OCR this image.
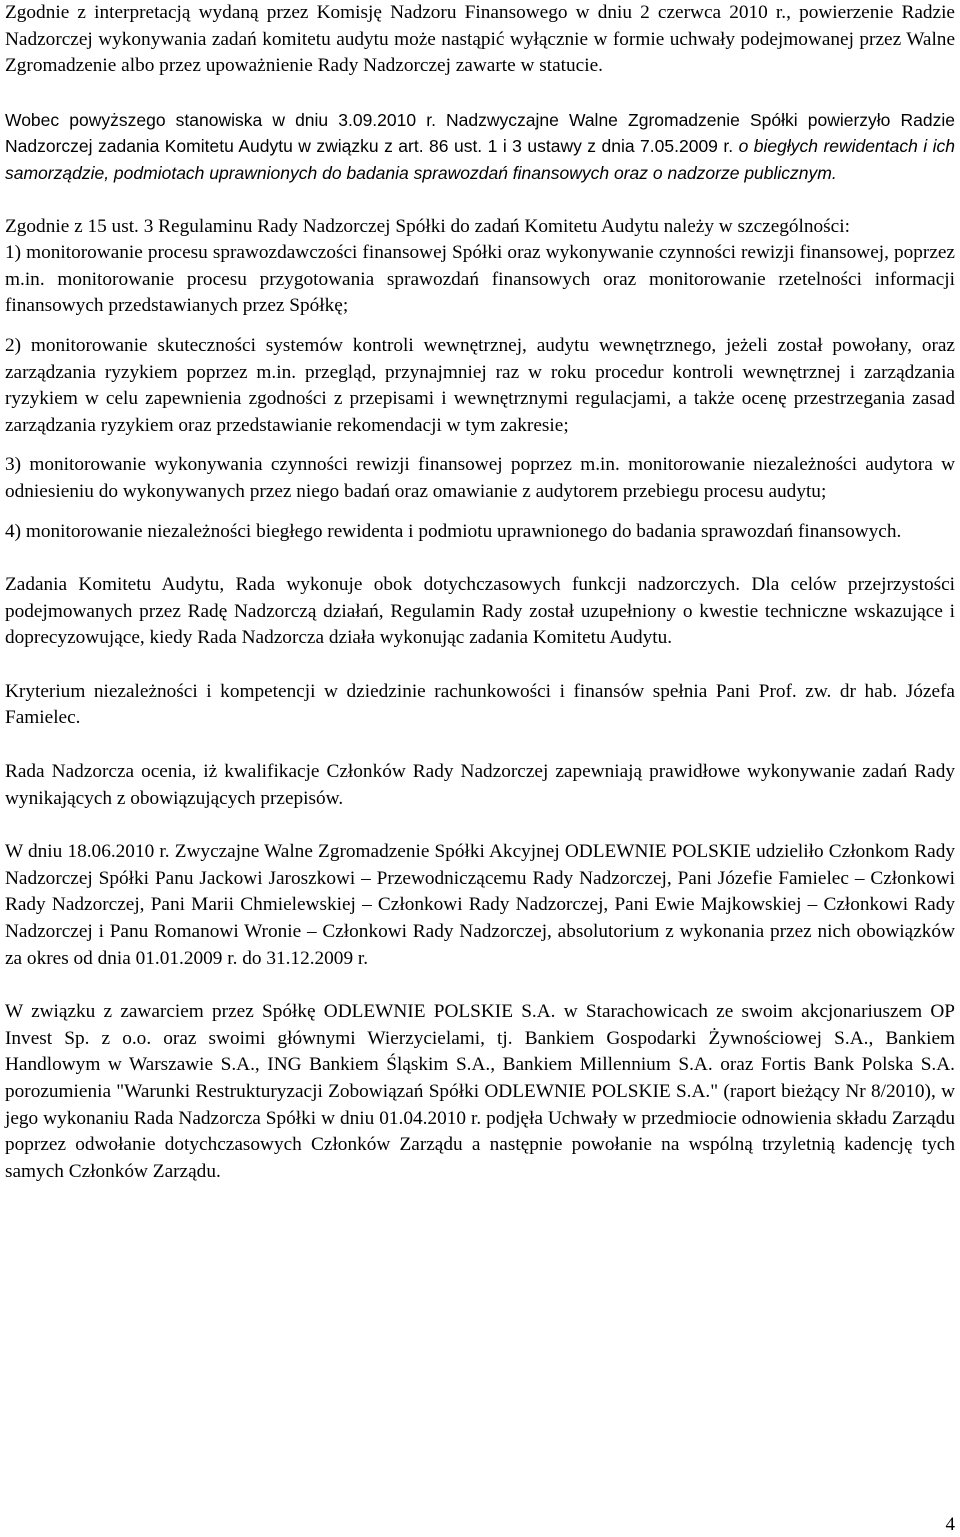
Zgodnie z interpretacją wydaną przez Komisję Nadzoru Finansowego w dniu 2 czerwca 2010 r., powierzenie Radzie Nadzorczej wykonywania zadań komitetu audytu może nastąpić wyłącznie w formie uchwały podejmowanej przez Walne Zgromadzenie albo przez upoważnienie Rady Nadzorczej zawarte w statucie.

Wobec powyższego stanowiska w dniu 3.09.2010 r. Nadzwyczajne Walne Zgromadzenie Spółki powierzyło Radzie Nadzorczej zadania Komitetu Audytu w związku z art. 86 ust. 1 i 3 ustawy z dnia 7.05.2009 r. o biegłych rewidentach i ich samorządzie, podmiotach uprawnionych do badania sprawozdań finansowych oraz o nadzorze publicznym.

Zgodnie z 15 ust. 3 Regulaminu Rady Nadzorczej Spółki do zadań Komitetu Audytu należy w szczególności:

1) monitorowanie procesu sprawozdawczości finansowej Spółki oraz wykonywanie czynności rewizji finansowej, poprzez m.in. monitorowanie procesu przygotowania sprawozdań finansowych oraz monitorowanie rzetelności informacji finansowych przedstawianych przez Spółkę;

2) monitorowanie skuteczności systemów kontroli wewnętrznej, audytu wewnętrznego, jeżeli został powołany, oraz zarządzania ryzykiem poprzez m.in. przegląd, przynajmniej raz w roku procedur kontroli wewnętrznej i zarządzania ryzykiem w celu zapewnienia zgodności z przepisami i wewnętrznymi regulacjami, a także ocenę przestrzegania zasad zarządzania ryzykiem oraz przedstawianie rekomendacji w tym zakresie;

3) monitorowanie wykonywania czynności rewizji finansowej poprzez m.in. monitorowanie niezależności audytora w odniesieniu do wykonywanych przez niego badań oraz omawianie z audytorem przebiegu procesu audytu;

4) monitorowanie niezależności biegłego rewidenta i podmiotu uprawnionego do badania sprawozdań finansowych.

Zadania Komitetu Audytu, Rada wykonuje obok dotychczasowych funkcji nadzorczych. Dla celów przejrzystości podejmowanych przez Radę Nadzorczą działań, Regulamin Rady został uzupełniony o kwestie techniczne wskazujące i doprecyzowujące, kiedy Rada Nadzorcza działa wykonując zadania Komitetu Audytu.

Kryterium niezależności i kompetencji w dziedzinie rachunkowości i finansów spełnia Pani Prof. zw. dr hab. Józefa Famielec.

Rada Nadzorcza ocenia, iż kwalifikacje Członków Rady Nadzorczej zapewniają prawidłowe wykonywanie zadań Rady wynikających z obowiązujących przepisów.

W dniu 18.06.2010 r. Zwyczajne Walne Zgromadzenie Spółki Akcyjnej ODLEWNIE POLSKIE udzieliło Członkom Rady Nadzorczej Spółki Panu Jackowi Jaroszkowi – Przewodniczącemu Rady Nadzorczej, Pani Józefie Famielec – Członkowi Rady Nadzorczej, Pani Marii Chmielewskiej – Członkowi Rady Nadzorczej, Pani Ewie Majkowskiej – Członkowi Rady Nadzorczej i Panu Romanowi Wronie – Członkowi Rady Nadzorczej, absolutorium z wykonania przez nich obowiązków za okres od dnia 01.01.2009 r. do 31.12.2009 r.

W związku z zawarciem przez Spółkę ODLEWNIE POLSKIE S.A. w Starachowicach ze swoim akcjonariuszem OP Invest Sp. z o.o. oraz swoimi głównymi Wierzycielami, tj. Bankiem Gospodarki Żywnościowej S.A., Bankiem Handlowym w Warszawie S.A., ING Bankiem Śląskim S.A., Bankiem Millennium S.A. oraz Fortis Bank Polska S.A. porozumienia "Warunki Restrukturyzacji Zobowiązań Spółki ODLEWNIE POLSKIE S.A." (raport bieżący Nr 8/2010), w jego wykonaniu Rada Nadzorcza Spółki w dniu 01.04.2010 r. podjęła Uchwały w przedmiocie odnowienia składu Zarządu poprzez odwołanie dotychczasowych Członków Zarządu a następnie powołanie na wspólną trzyletnią kadencję tych samych Członków Zarządu.

4
